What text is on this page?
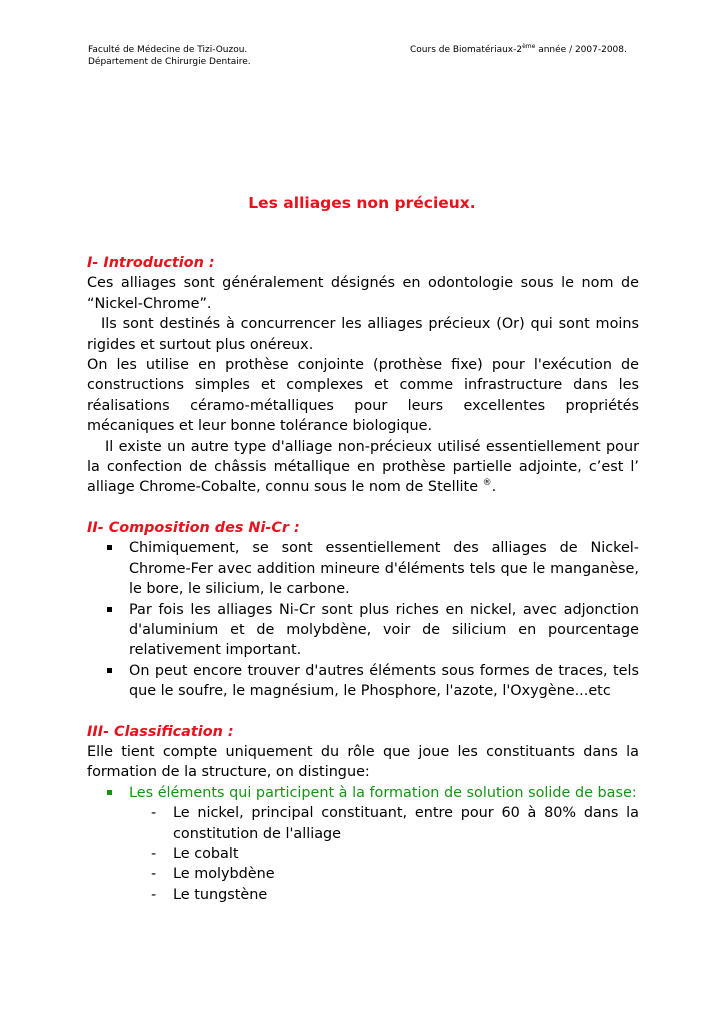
Faculté de Médecine de Tizi-Ouzou.
Département de Chirurgie Dentaire.
Cours de Biomatériaux-2ème année / 2007-2008.
Les alliages non précieux.

I- Introduction :

Ces alliages sont généralement désignés en odontologie sous le nom de “Nickel-Chrome”.

Ils sont destinés à concurrencer les alliages précieux (Or) qui sont moins rigides et surtout plus onéreux.

On les utilise en prothèse conjointe (prothèse fixe) pour l'exécution de constructions simples et complexes et comme infrastructure dans les réalisations céramo-métalliques pour leurs excellentes propriétés mécaniques et leur bonne tolérance biologique.

Il existe un autre type d'alliage non-précieux utilisé essentiellement pour la confection de châssis métallique en prothèse partielle adjointe, c’est l’ alliage Chrome-Cobalte, connu sous le nom de Stellite ®.

II- Composition des Ni-Cr :

Chimiquement, se sont essentiellement des alliages de Nickel-Chrome-Fer avec addition mineure d'éléments tels que le manganèse, le bore, le silicium, le carbone.
Par fois les alliages Ni-Cr sont plus riches en nickel, avec adjonction d'aluminium et de molybdène, voir de silicium en pourcentage relativement important.
On peut encore trouver d'autres éléments sous formes de traces, tels que le soufre, le magnésium, le Phosphore, l'azote, l'Oxygène...etc

III- Classification :

Elle tient compte uniquement du rôle que joue les constituants dans la formation de la structure, on distingue:

Les éléments qui participent à la formation de solution solide de base:
- Le nickel, principal constituant, entre pour 60 à 80% dans la constitution de l'alliage
- Le cobalt
- Le molybdène
- Le tungstène
